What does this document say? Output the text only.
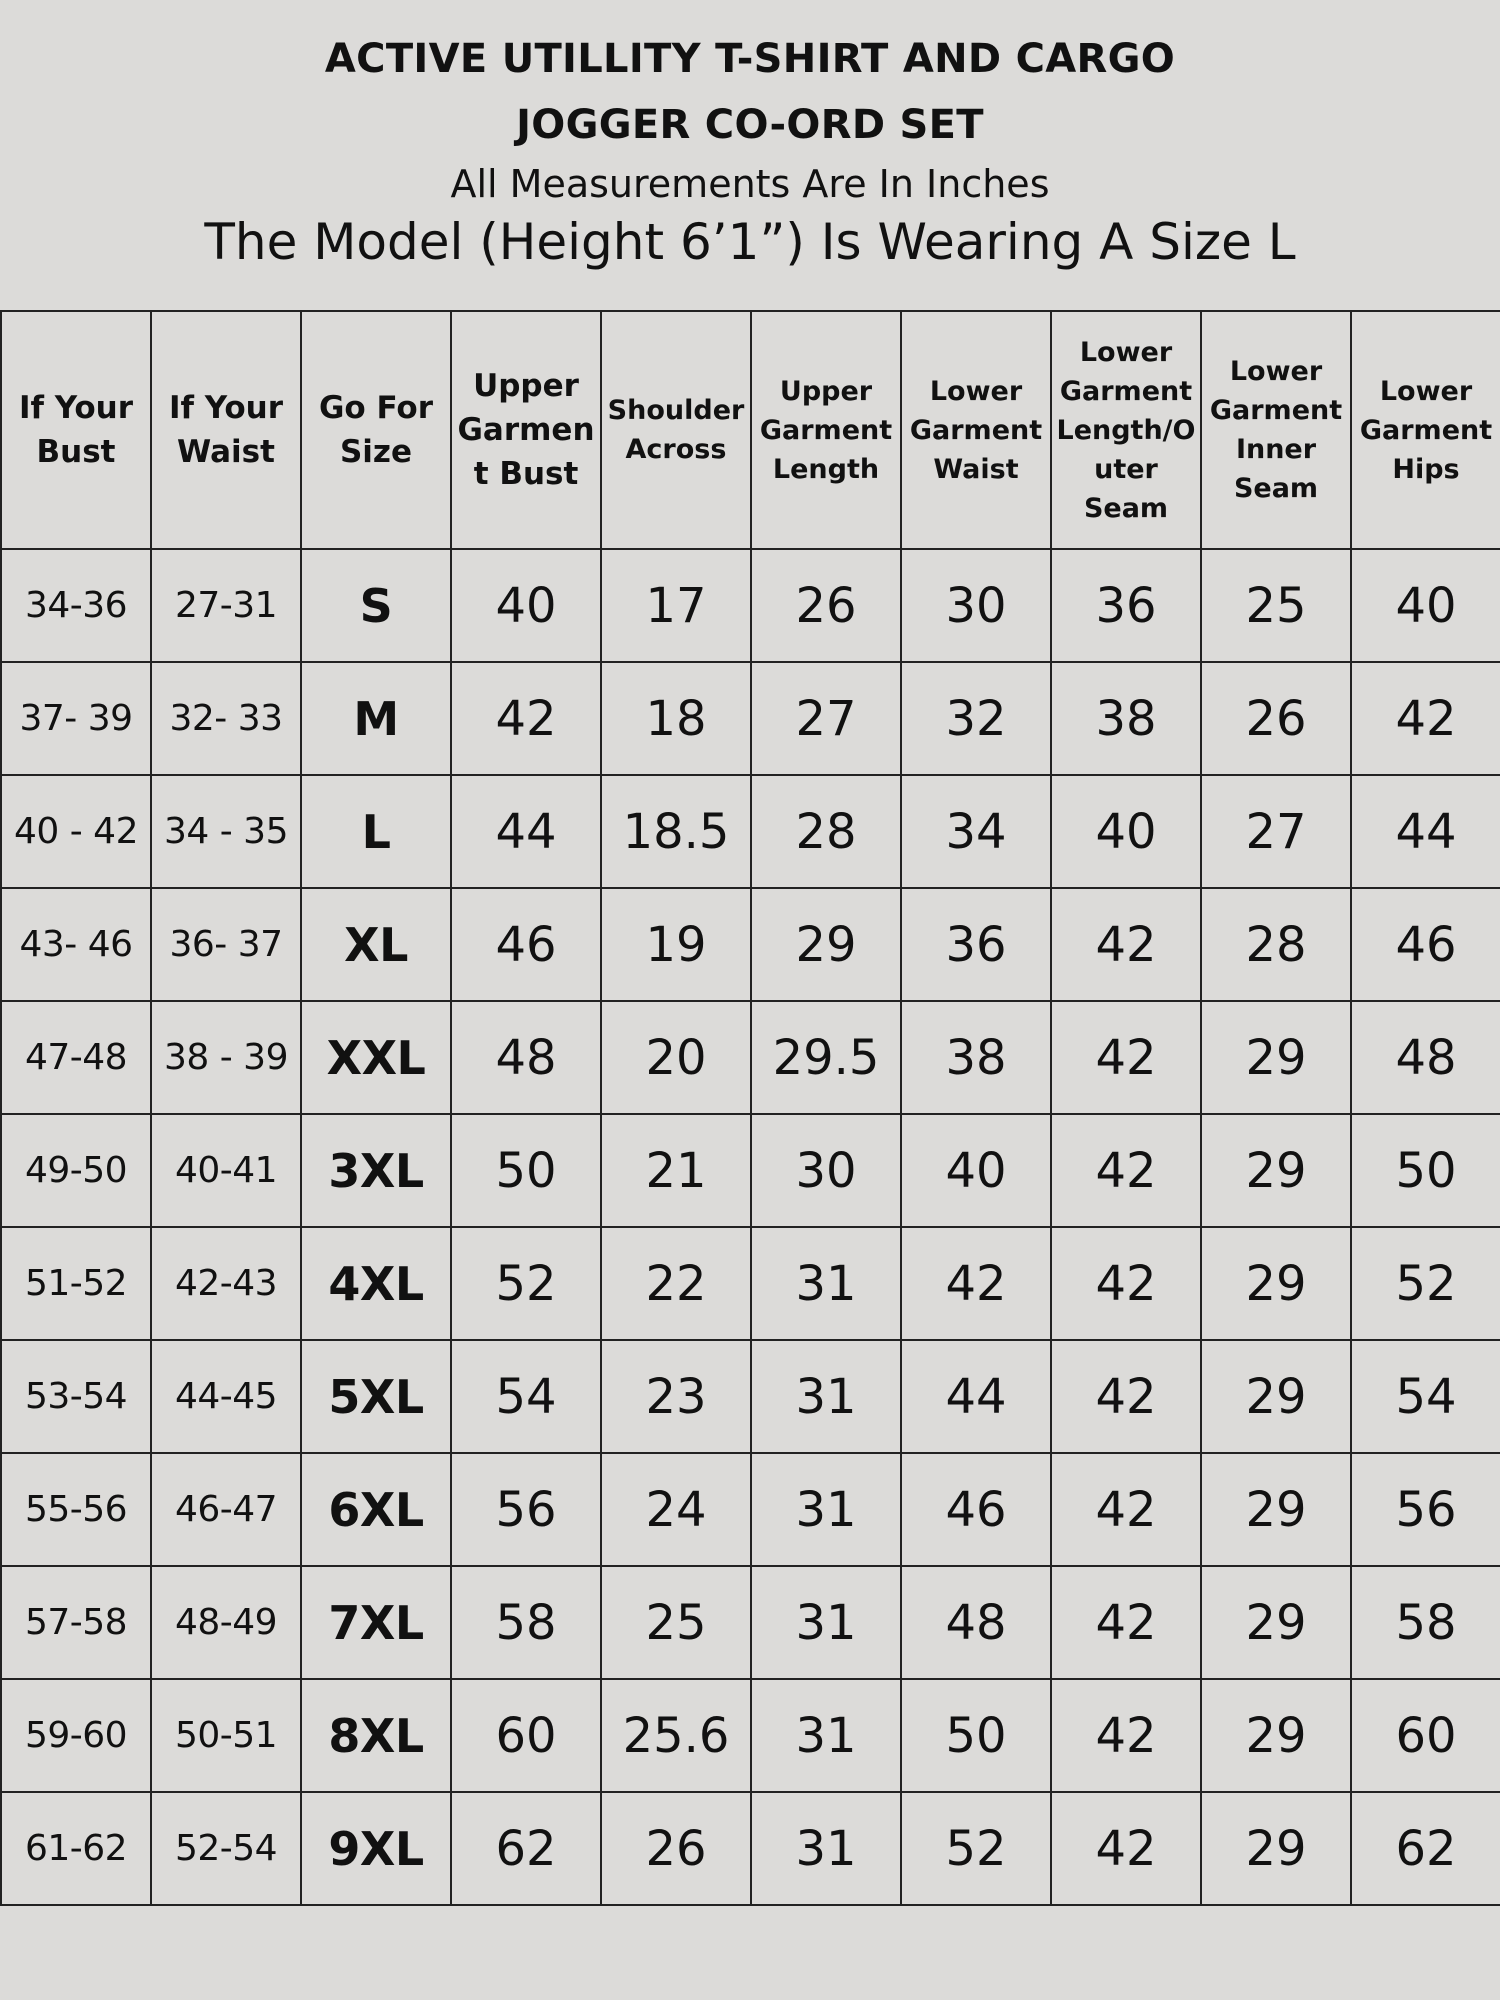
ACTIVE UTILLITY T-SHIRT AND CARGO
JOGGER CO-ORD SET
All Measurements Are In Inches
The Model (Height 6’1”) Is Wearing A Size L
If Your Bust	If Your Waist	Go For Size	Upper Garment Bust	Shoulder Across	Upper Garment Length	Lower Garment Waist	Lower Garment Length/Outer Seam	Lower Garment Inner Seam	Lower Garment Hips
34-36	27-31	S	40	17	26	30	36	25	40
37- 39	32- 33	M	42	18	27	32	38	26	42
40 - 42	34 - 35	L	44	18.5	28	34	40	27	44
43- 46	36- 37	XL	46	19	29	36	42	28	46
47-48	38 - 39	XXL	48	20	29.5	38	42	29	48
49-50	40-41	3XL	50	21	30	40	42	29	50
51-52	42-43	4XL	52	22	31	42	42	29	52
53-54	44-45	5XL	54	23	31	44	42	29	54
55-56	46-47	6XL	56	24	31	46	42	29	56
57-58	48-49	7XL	58	25	31	48	42	29	58
59-60	50-51	8XL	60	25.6	31	50	42	29	60
61-62	52-54	9XL	62	26	31	52	42	29	62
